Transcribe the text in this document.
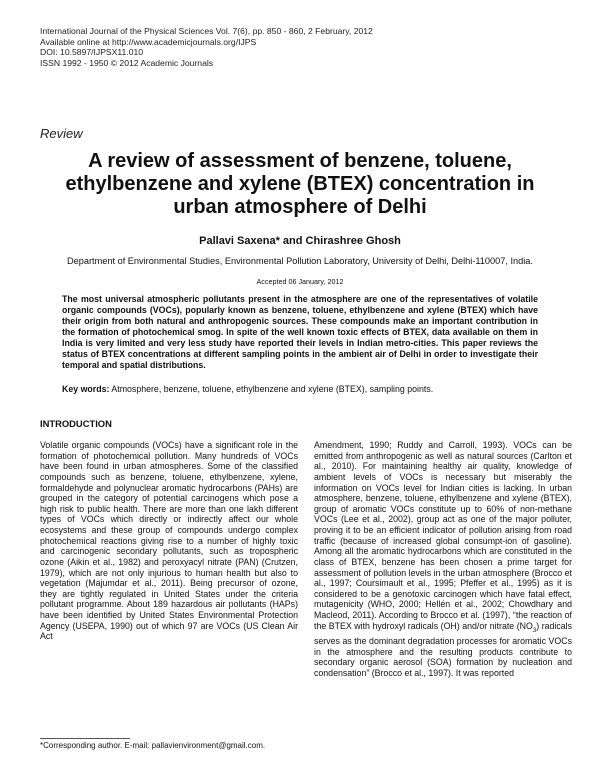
International Journal of the Physical Sciences Vol. 7(6), pp. 850 - 860, 2 February, 2012
Available online at http://www.academicjournals.org/IJPS
DOI: 10.5897/IJPSX11.010
ISSN 1992 - 1950 © 2012 Academic Journals
Review
A review of assessment of benzene, toluene, ethylbenzene and xylene (BTEX) concentration in urban atmosphere of Delhi
Pallavi Saxena* and Chirashree Ghosh
Department of Environmental Studies, Environmental Pollution Laboratory, University of Delhi, Delhi-110007, India.
Accepted 06 January, 2012
The most universal atmospheric pollutants present in the atmosphere are one of the representatives of volatile organic compounds (VOCs), popularly known as benzene, toluene, ethylbenzene and xylene (BTEX) which have their origin from both natural and anthropogenic sources. These compounds make an important contribution in the formation of photochemical smog. In spite of the well known toxic effects of BTEX, data available on them in India is very limited and very less study have reported their levels in Indian metro-cities. This paper reviews the status of BTEX concentrations at different sampling points in the ambient air of Delhi in order to investigate their temporal and spatial distributions.
Key words: Atmosphere, benzene, toluene, ethylbenzene and xylene (BTEX), sampling points.
INTRODUCTION
Volatile organic compounds (VOCs) have a significant role in the formation of photochemical pollution. Many hundreds of VOCs have been found in urban atmospheres. Some of the classified compounds such as benzene, toluene, ethylbenzene, xylene, formaldehyde and polynuclear aromatic hydrocarbons (PAHs) are grouped in the category of potential carcinogens which pose a high risk to public health. There are more than one lakh different types of VOCs which directly or indirectly affect our whole ecosystems and these group of compounds undergo complex photochemical reactions giving rise to a number of highly toxic and carcinogenic secondary pollutants, such as tropospheric ozone (Aikin et al., 1982) and peroxyacyl nitrate (PAN) (Crutzen, 1979), which are not only injurious to human health but also to vegetation (Majumdar et al., 2011). Being precursor of ozone, they are tightly regulated in United States under the criteria pollutant programme. About 189 hazardous air pollutants (HAPs) have been identified by United States Environmental Protection Agency (USEPA, 1990) out of which 97 are VOCs (US Clean Air Act
Amendment, 1990; Ruddy and Carroll, 1993). VOCs can be emitted from anthropogenic as well as natural sources (Carlton et al., 2010). For maintaining healthy air quality, knowledge of ambient levels of VOCs is necessary but miserably the information on VOCs level for Indian cities is lacking. In urban atmosphere, benzene, toluene, ethylbenzene and xylene (BTEX), group of aromatic VOCs constitute up to 60% of non-methane VOCs (Lee et al., 2002), group act as one of the major polluter, proving it to be an efficient indicator of pollution arising from road traffic (because of increased global consumpt-ion of gasoline). Among all the aromatic hydrocarbons which are constituted in the class of BTEX, benzene has been chosen a prime target for assessment of pollution levels in the urban atmosphere (Brocco et al., 1997; Coursimault et al., 1995; Pfeffer et al., 1995) as it is considered to be a genotoxic carcinogen which have fatal effect, mutagenicity (WHO, 2000; Hellén et al., 2002; Chowdhary and Macleod, 2011). According to Brocco et al. (1997), “the reaction of the BTEX with hydroxyl radicals (OH) and/or nitrate $(NO_3)$ radicals serves as the dominant degradation processes for aromatic VOCs in the atmosphere and the resulting products contribute to secondary organic aerosol (SOA) formation by nucleation and condensation” (Brocco et al., 1997). It was reported
*Corresponding author. E-mail: pallavienvironment@gmail.com.
